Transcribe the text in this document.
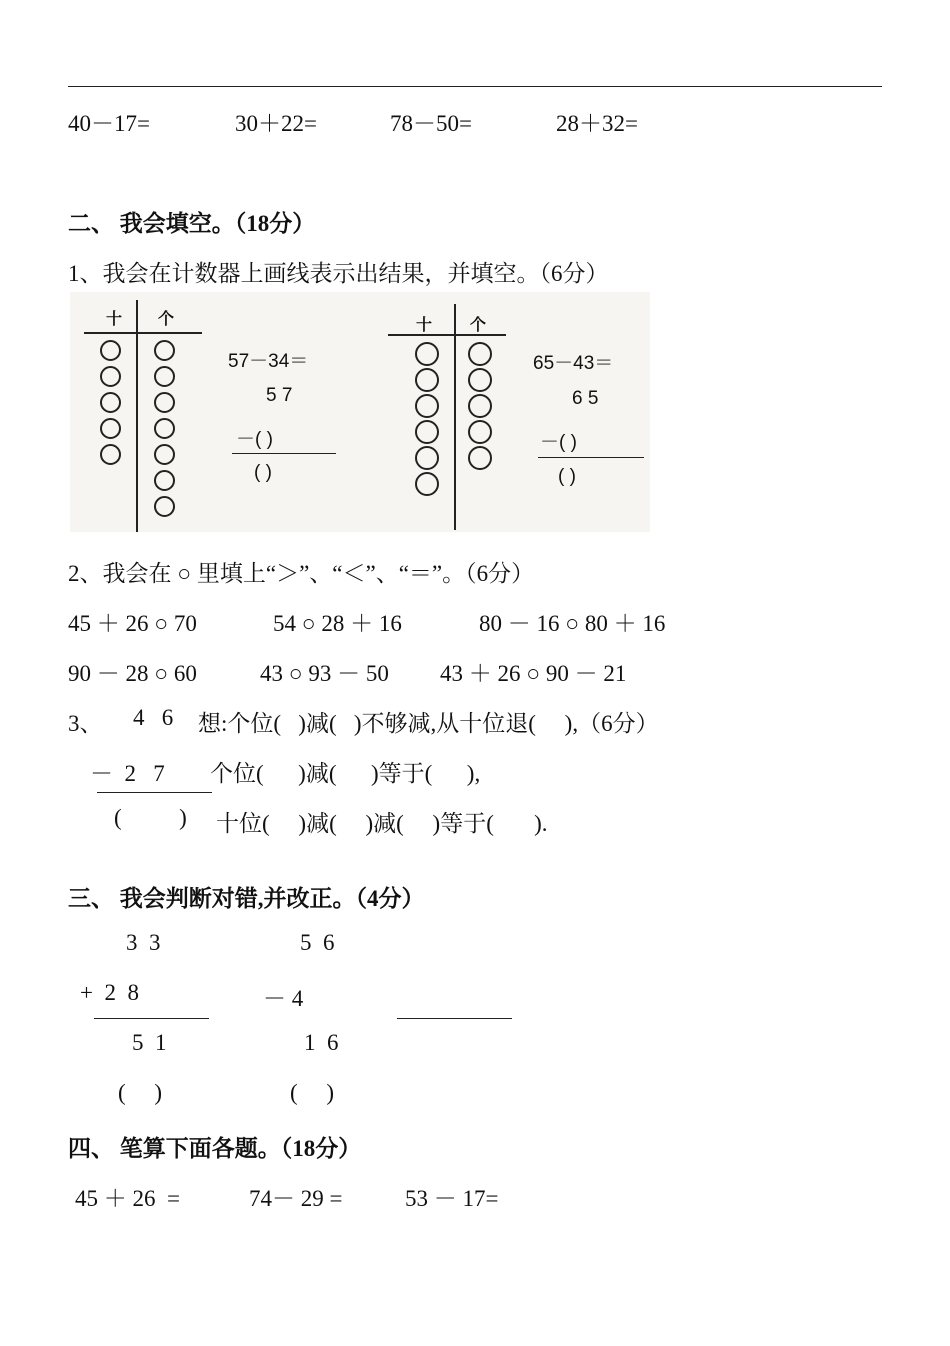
40－17=	30＋22=	78－50=	28＋32=
二、 我会填空。（18分）
1、我会在计数器上画线表示出结果，并填空。（6分）
十 个
57－34＝
5 7
－( )
( )
十 个
65－43＝
6 5
－( )
( )
2、我会在 ○ 里填上“＞”、“＜”、“＝”。（6分）
45 ＋ 26 ○ 70	54 ○ 28 ＋ 16	80 － 16 ○ 80 ＋ 16
90 － 28 ○ 60	43 ○ 93 － 50 43 ＋ 26 ○ 90 － 21
3、 4   6 想:个位(   )减(   )不够减,从十位退(     ),（6分）
－  2   7 个位(      )减(      )等于(      ),
(          ) 十位(     )减(     )减(     )等于(       ).
三、 我会判断对错,并改正。（4分）
3  3
+  2  8
5  1
(     )
5  6
－ 4
1  6
(     )
四、 笔算下面各题。（18分）
45 ＋ 26  =	74－ 29 =	53 － 17=
